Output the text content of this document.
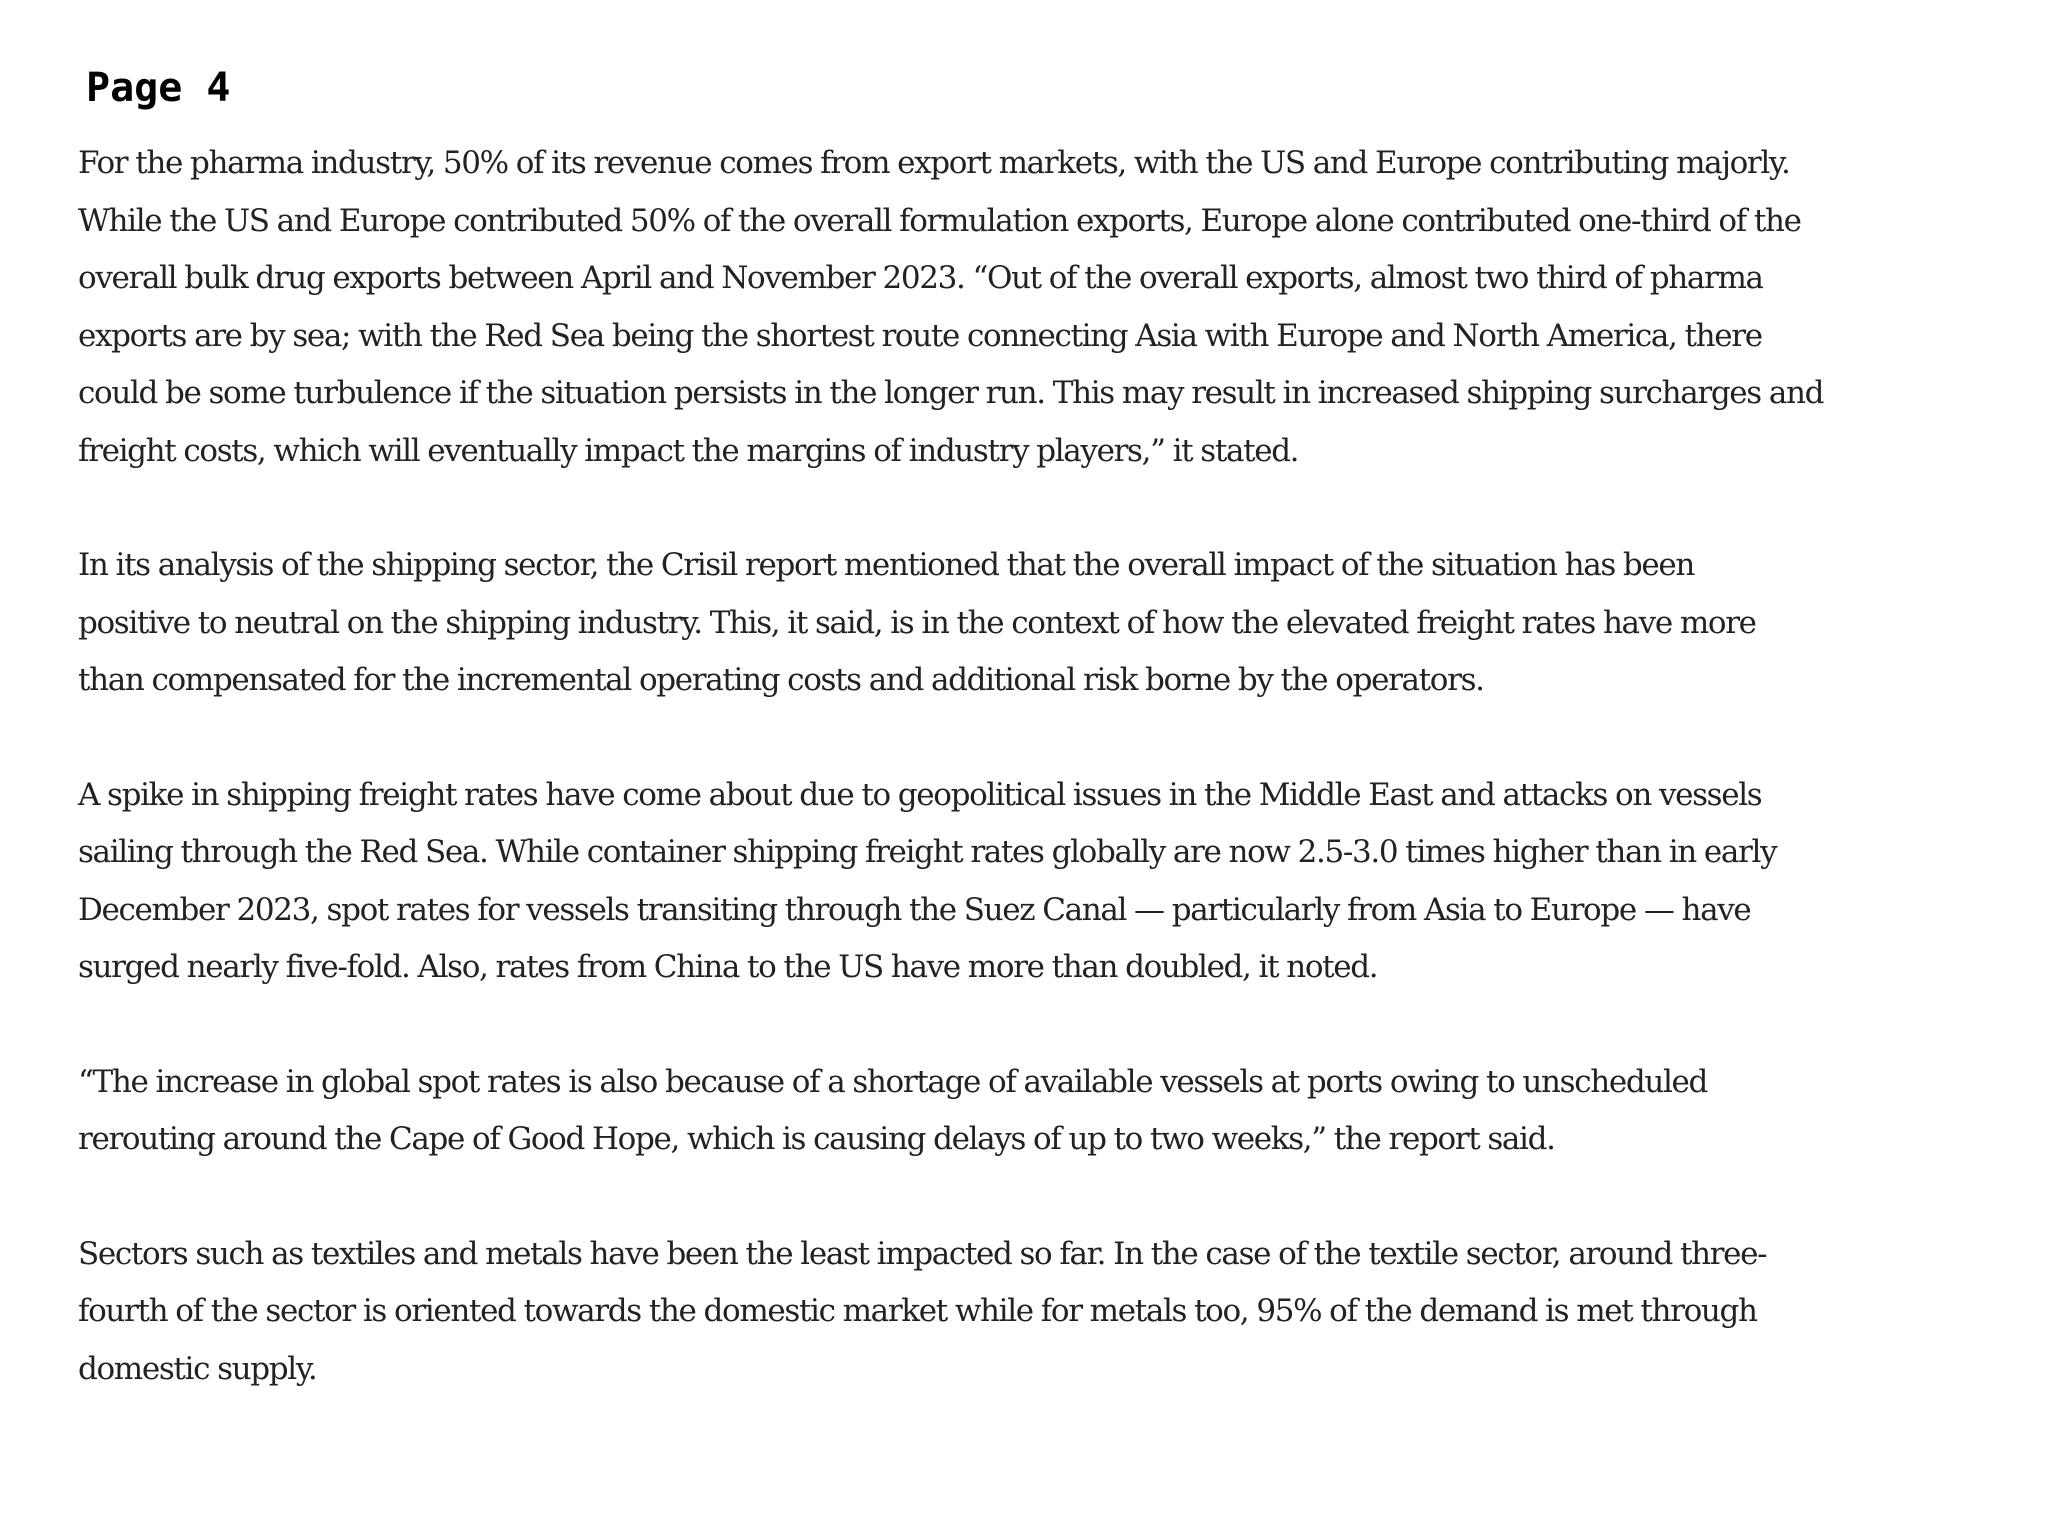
Page 4

For the pharma industry, 50% of its revenue comes from export markets, with the US and Europe contributing majorly.
While the US and Europe contributed 50% of the overall formulation exports, Europe alone contributed one-third of the
overall bulk drug exports between April and November 2023. “Out of the overall exports, almost two third of pharma
exports are by sea; with the Red Sea being the shortest route connecting Asia with Europe and North America, there
could be some turbulence if the situation persists in the longer run. This may result in increased shipping surcharges and
freight costs, which will eventually impact the margins of industry players,” it stated.

In its analysis of the shipping sector, the Crisil report mentioned that the overall impact of the situation has been
positive to neutral on the shipping industry. This, it said, is in the context of how the elevated freight rates have more
than compensated for the incremental operating costs and additional risk borne by the operators.

A spike in shipping freight rates have come about due to geopolitical issues in the Middle East and attacks on vessels
sailing through the Red Sea. While container shipping freight rates globally are now 2.5-3.0 times higher than in early
December 2023, spot rates for vessels transiting through the Suez Canal — particularly from Asia to Europe — have
surged nearly five-fold. Also, rates from China to the US have more than doubled, it noted.

“The increase in global spot rates is also because of a shortage of available vessels at ports owing to unscheduled
rerouting around the Cape of Good Hope, which is causing delays of up to two weeks,” the report said.

Sectors such as textiles and metals have been the least impacted so far. In the case of the textile sector, around three-
fourth of the sector is oriented towards the domestic market while for metals too, 95% of the demand is met through
domestic supply.
